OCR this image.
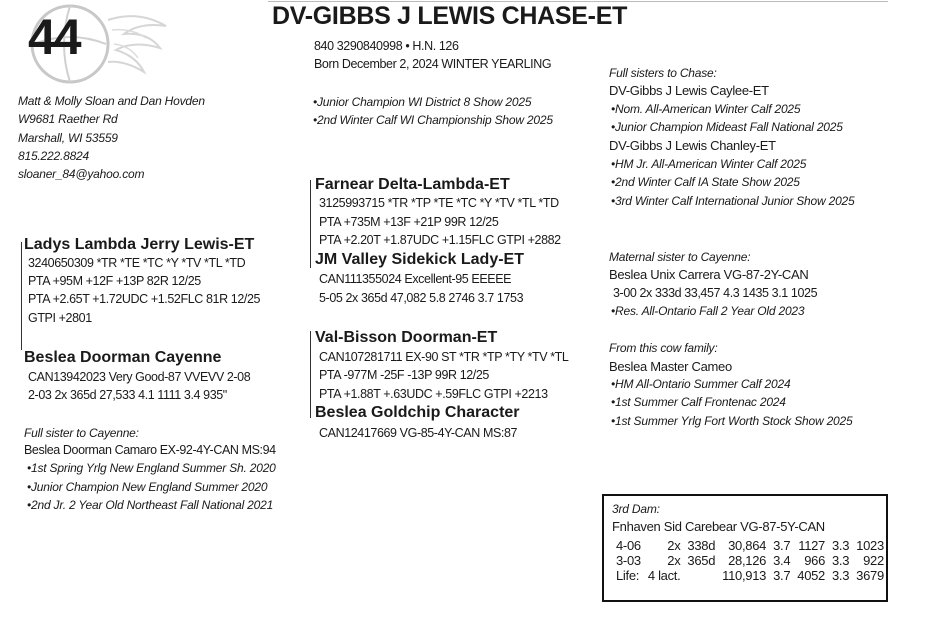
44	DV-GIBBS J LEWIS CHASE-ET
840 3290840998 • H.N. 126
Born December 2, 2024 WINTER YEARLING
•Junior Champion WI District 8 Show 2025
•2nd Winter Calf WI Championship Show 2025
Matt & Molly Sloan and Dan Hovden
W9681 Raether Rd
Marshall, WI 53559
815.222.8824
sloaner_84@yahoo.com
Ladys Lambda Jerry Lewis-ET
3240650309 *TR *TE *TC *Y *TV *TL *TD
PTA +95M +12F +13P 82R 12/25
PTA +2.65T +1.72UDC +1.52FLC 81R 12/25
GTPI +2801
Beslea Doorman Cayenne
CAN13942023 Very Good-87 VVEVV 2-08
2-03 2x 365d 27,533 4.1 1111 3.4 935"
Full sister to Cayenne:
Beslea Doorman Camaro EX-92-4Y-CAN MS:94
•1st Spring Yrlg New England Summer Sh. 2020
•Junior Champion New England Summer 2020
•2nd Jr. 2 Year Old Northeast Fall National 2021
Farnear Delta-Lambda-ET
3125993715 *TR *TP *TE *TC *Y *TV *TL *TD
PTA +735M +13F +21P 99R 12/25
PTA +2.20T +1.87UDC +1.15FLC GTPI +2882
JM Valley Sidekick Lady-ET
CAN111355024 Excellent-95 EEEEE
5-05 2x 365d 47,082 5.8 2746 3.7 1753
Val-Bisson Doorman-ET
CAN107281711 EX-90 ST *TR *TP *TY *TV *TL
PTA -977M -25F -13P 99R 12/25
PTA +1.88T +.63UDC +.59FLC GTPI +2213
Beslea Goldchip Character
CAN12417669 VG-85-4Y-CAN MS:87
Full sisters to Chase:
DV-Gibbs J Lewis Caylee-ET
•Nom. All-American Winter Calf 2025
•Junior Champion Mideast Fall National 2025
DV-Gibbs J Lewis Chanley-ET
•HM Jr. All-American Winter Calf 2025
•2nd Winter Calf IA State Show 2025
•3rd Winter Calf International Junior Show 2025
Maternal sister to Cayenne:
Beslea Unix Carrera VG-87-2Y-CAN
3-00 2x 333d 33,457 4.3 1435 3.1 1025
•Res. All-Ontario Fall 2 Year Old 2023
From this cow family:
Beslea Master Cameo
•HM All-Ontario Summer Calf 2024
•1st Summer Calf Frontenac 2024
•1st Summer Yrlg Fort Worth Stock Show 2025
3rd Dam:
Fnhaven Sid Carebear VG-87-5Y-CAN
4-06	2x	338d	30,864	3.7	1127	3.3	1023
3-03	2x	365d	28,126	3.4	966	3.3	922
Life:	4 lact.		110,913	3.7	4052	3.3	3679
